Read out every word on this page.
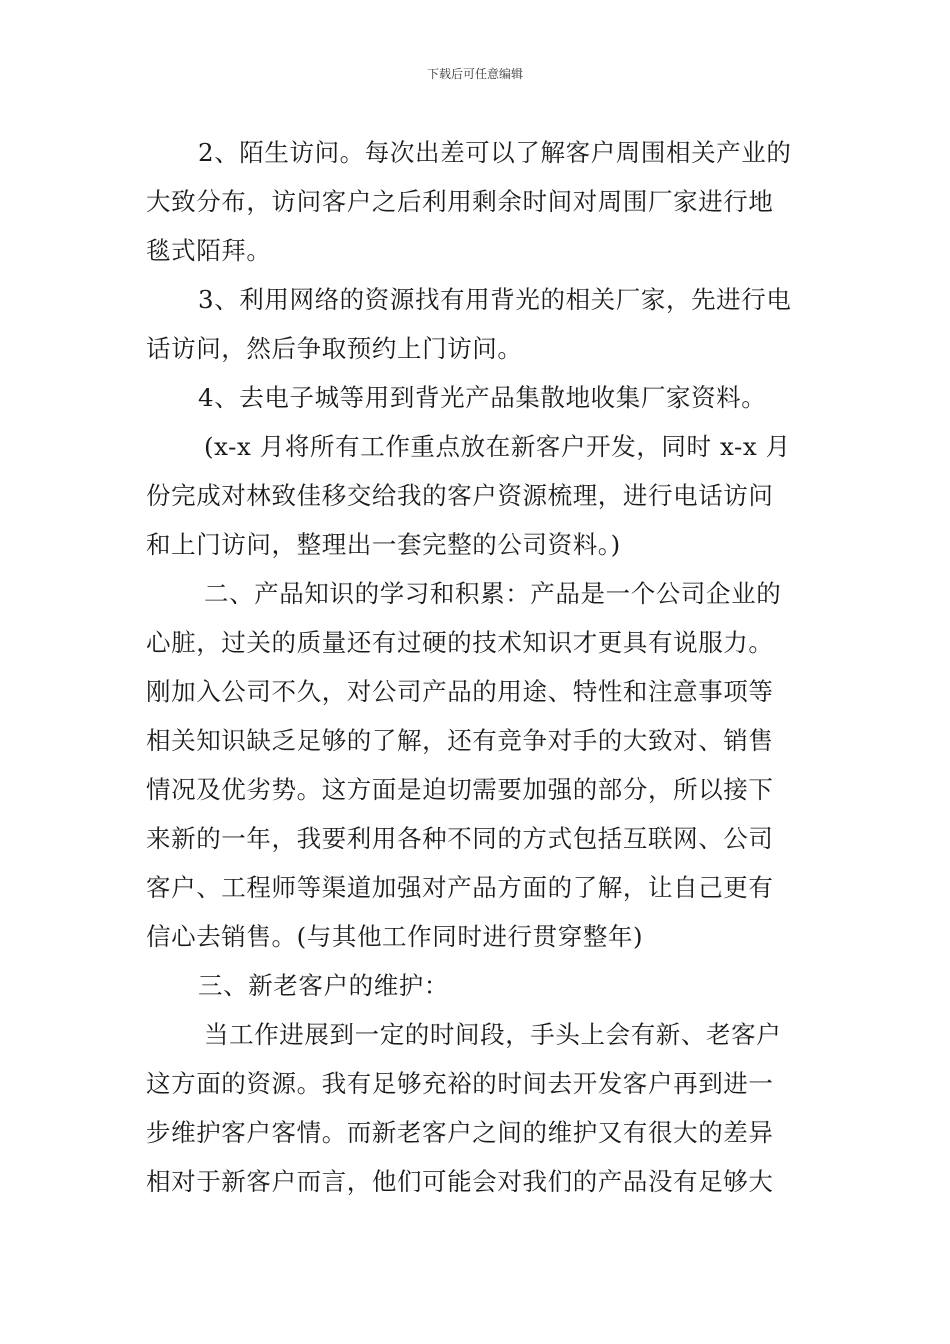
下载后可任意编辑

2、陌生访问。每次出差可以了解客户周围相关产业的

大致分布，访问客户之后利用剩余时间对周围厂家进行地

毯式陌拜。

3、利用网络的资源找有用背光的相关厂家，先进行电

话访问，然后争取预约上门访问。

4、去电子城等用到背光产品集散地收集厂家资料。

(x-x 月将所有工作重点放在新客户开发，同时 x-x 月

份完成对林致佳移交给我的客户资源梳理，进行电话访问

和上门访问，整理出一套完整的公司资料。)

二、产品知识的学习和积累：产品是一个公司企业的

心脏，过关的质量还有过硬的技术知识才更具有说服力。

刚加入公司不久，对公司产品的用途、特性和注意事项等

相关知识缺乏足够的了解，还有竞争对手的大致对、销售

情况及优劣势。这方面是迫切需要加强的部分，所以接下

来新的一年，我要利用各种不同的方式包括互联网、公司

客户、工程师等渠道加强对产品方面的了解，让自己更有

信心去销售。(与其他工作同时进行贯穿整年)

三、新老客户的维护：

当工作进展到一定的时间段，手头上会有新、老客户

这方面的资源。我有足够充裕的时间去开发客户再到进一

步维护客户客情。而新老客户之间的维护又有很大的差异

相对于新客户而言，他们可能会对我们的产品没有足够大
